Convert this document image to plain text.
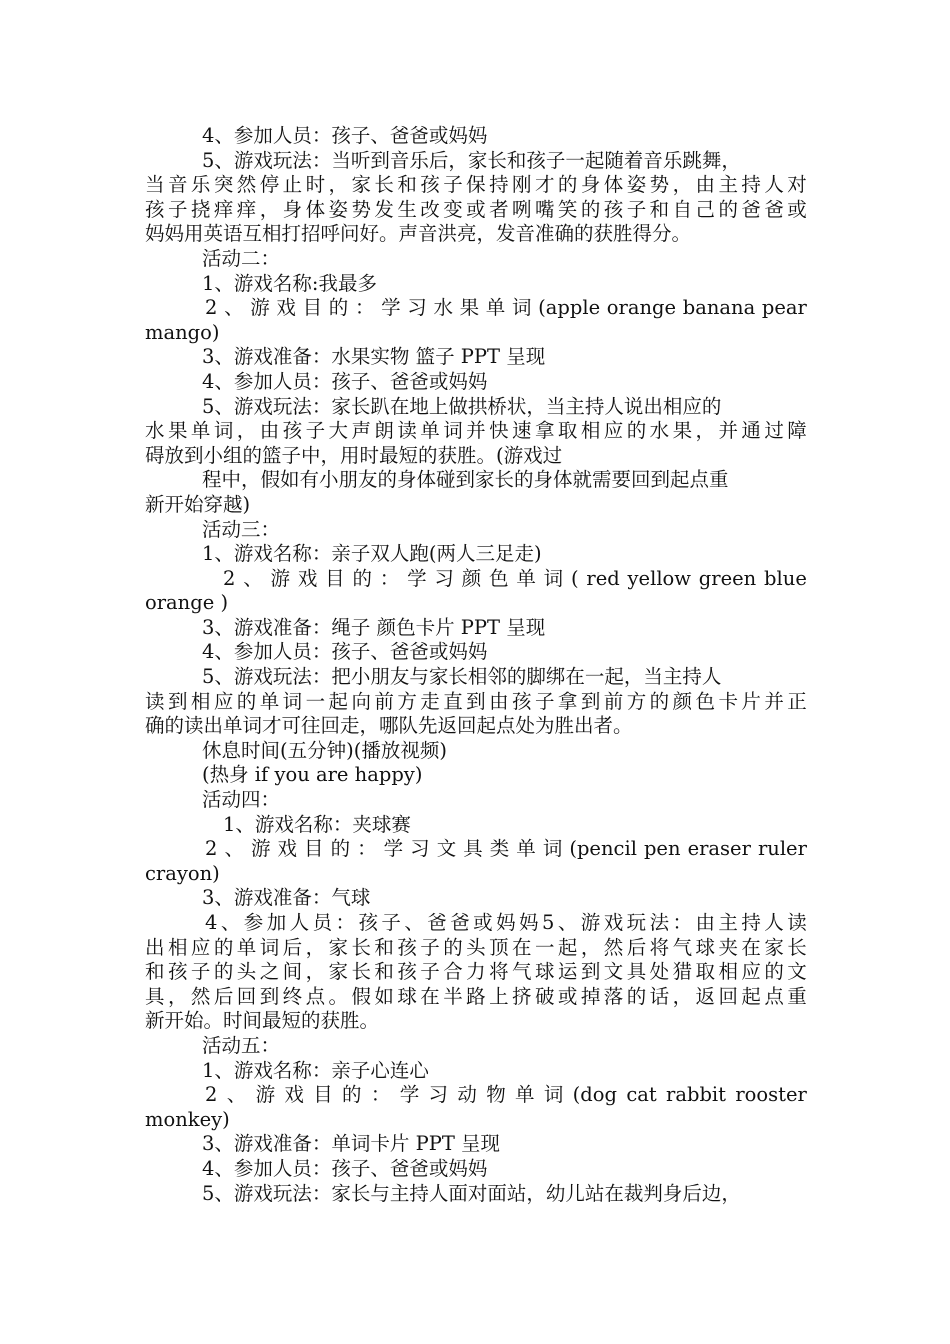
4、参加人员：孩子、爸爸或妈妈
5、游戏玩法：当听到音乐后，家长和孩子一起随着音乐跳舞，
当 音 乐 突 然 停 止 时 ， 家 长 和 孩 子 保 持 刚 才 的 身 体 姿 势 ， 由 主 持 人 对
孩 子 挠 痒 痒 ， 身 体 姿 势 发 生 改 变 或 者 咧 嘴 笑 的 孩 子 和 自 己 的 爸 爸 或
妈妈用英语互相打招呼问好。声音洪亮，发音准确的获胜得分。
活动二：
1、游戏名称:我最多
2 、 游 戏 目 的 ： 学 习 水 果 单 词 (apple orange banana pear
mango)
3、游戏准备：水果实物 篮子 PPT 呈现
4、参加人员：孩子、爸爸或妈妈
5、游戏玩法：家长趴在地上做拱桥状，当主持人说出相应的
水 果 单 词 ， 由 孩 子 大 声 朗 读 单 词 并 快 速 拿 取 相 应 的 水 果 ， 并 通 过 障
碍放到小组的篮子中，用时最短的获胜。(游戏过
程中，假如有小朋友的身体碰到家长的身体就需要回到起点重
新开始穿越)
活动三：
1、游戏名称：亲子双人跑(两人三足走)
2 、 游 戏 目 的 ： 学 习 颜 色 单 词 ( red yellow green blue
orange )
3、游戏准备：绳子 颜色卡片 PPT 呈现
4、参加人员：孩子、爸爸或妈妈
5、游戏玩法：把小朋友与家长相邻的脚绑在一起，当主持人
读 到 相 应 的 单 词 一 起 向 前 方 走 直 到 由 孩 子 拿 到 前 方 的 颜 色 卡 片 并 正
确的读出单词才可往回走，哪队先返回起点处为胜出者。
休息时间(五分钟)(播放视频)
(热身 if you are happy)
活动四：
1、游戏名称：夹球赛
2 、 游 戏 目 的 ： 学 习 文 具 类 单 词 (pencil pen eraser ruler
crayon)
3、游戏准备：气球
4 、 参 加 人 员 ： 孩 子 、 爸 爸 或 妈 妈 5 、 游 戏 玩 法 ： 由 主 持 人 读
出 相 应 的 单 词 后 ， 家 长 和 孩 子 的 头 顶 在 一 起 ， 然 后 将 气 球 夹 在 家 长
和 孩 子 的 头 之 间 ， 家 长 和 孩 子 合 力 将 气 球 运 到 文 具 处 猎 取 相 应 的 文
具 ， 然 后 回 到 终 点 。 假 如 球 在 半 路 上 挤 破 或 掉 落 的 话 ， 返 回 起 点 重
新开始。时间最短的获胜。
活动五：
1、游戏名称：亲子心连心
2 、 游 戏 目 的 ： 学 习 动 物 单 词 (dog cat rabbit rooster
monkey)
3、游戏准备：单词卡片 PPT 呈现
4、参加人员：孩子、爸爸或妈妈
5、游戏玩法：家长与主持人面对面站，幼儿站在裁判身后边，
